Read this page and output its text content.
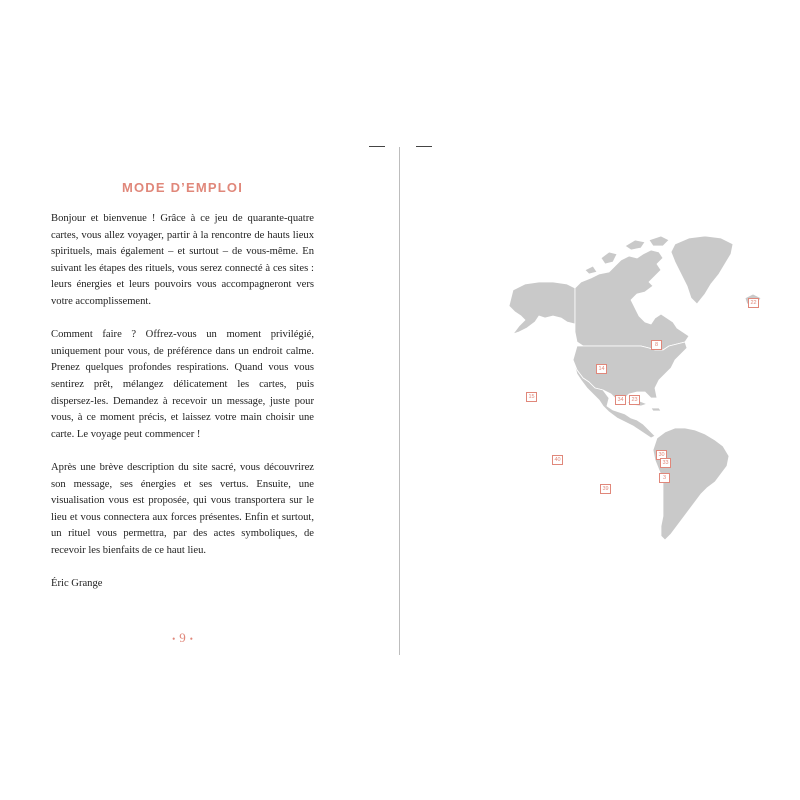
MODE D’EMPLOI

Bonjour et bienvenue ! Grâce à ce jeu de quarante-quatre cartes, vous allez voyager, partir à la rencontre de hauts lieux spirituels, mais également – et surtout – de vous-même. En suivant les étapes des rituels, vous serez connecté à ces sites : leurs énergies et leurs pouvoirs vous accompagneront vers votre accomplissement.

Comment faire ? Offrez-vous un moment privilégié, uniquement pour vous, de préférence dans un endroit calme. Prenez quelques profondes respirations. Quand vous vous sentirez prêt, mélangez délicatement les cartes, puis dispersez-les. Demandez à recevoir un message, juste pour vous, à ce moment précis, et laissez votre main choisir une carte. Le voyage peut commencer !

Après une brève description du site sacré, vous découvrirez son message, ses énergies et ses vertus. Ensuite, une visualisation vous est proposée, qui vous transportera sur le lieu et vous connectera aux forces présentes. Enfin et surtout, un rituel vous permettra, par des actes symboliques, de recevoir les bienfaits de ce haut lieu.

Éric Grange

• 9 •
22
8
14
15	34	23
40
30
33
3
39
